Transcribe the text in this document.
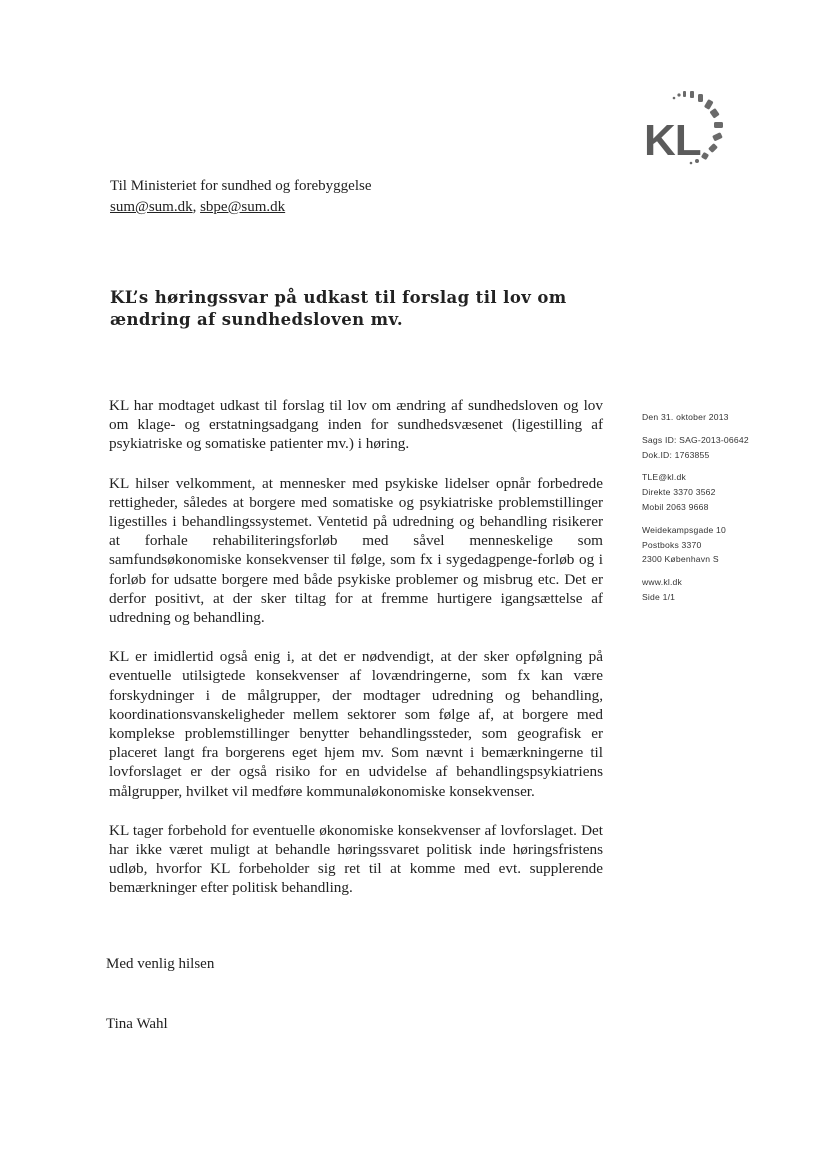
KL
Til Ministeriet for sundhed og forebyggelse
sum@sum.dk, sbpe@sum.dk
KL’s høringssvar på udkast til forslag til lov om ændring af sundhedsloven mv.

KL har modtaget udkast til forslag til lov om ændring af sundhedsloven og lov om klage- og erstatningsadgang inden for sundhedsvæsenet (ligestilling af psykiatriske og somatiske patienter mv.) i høring.

KL hilser velkomment, at mennesker med psykiske lidelser opnår forbedrede rettigheder, således at borgere med somatiske og psykiatriske problemstillinger ligestilles i behandlingssystemet. Ventetid på udredning og behandling risikerer at forhale rehabiliteringsforløb med såvel menneskelige som samfundsøkonomiske konsekvenser til følge, som fx i sygedagpenge-forløb og i forløb for udsatte borgere med både psykiske problemer og misbrug etc. Det er derfor positivt, at der sker tiltag for at fremme hurtigere igangsættelse af udredning og behandling.

KL er imidlertid også enig i, at det er nødvendigt, at der sker opfølgning på eventuelle utilsigtede konsekvenser af lovændringerne, som fx kan være forskydninger i de målgrupper, der modtager udredning og behandling, koordinationsvanskeligheder mellem sektorer som følge af, at borgere med komplekse problemstillinger benytter behandlingssteder, som geografisk er placeret langt fra borgerens eget hjem mv. Som nævnt i bemærkningerne til lovforslaget er der også risiko for en udvidelse af behandlingspsykiatriens målgrupper, hvilket vil medføre kommunaløkonomiske konsekvenser.

KL tager forbehold for eventuelle økonomiske konsekvenser af lovforslaget. Det har ikke været muligt at behandle høringssvaret politisk inde høringsfristens udløb, hvorfor KL forbeholder sig ret til at komme med evt. supplerende bemærkninger efter politisk behandling.

Den 31. oktober 2013
Sags ID: SAG-2013-06642
Dok.ID: 1763855
TLE@kl.dk
Direkte 3370 3562
Mobil 2063 9668
Weidekampsgade 10
Postboks 3370
2300 København S
www.kl.dk
Side 1/1
Med venlig hilsen
Tina Wahl
